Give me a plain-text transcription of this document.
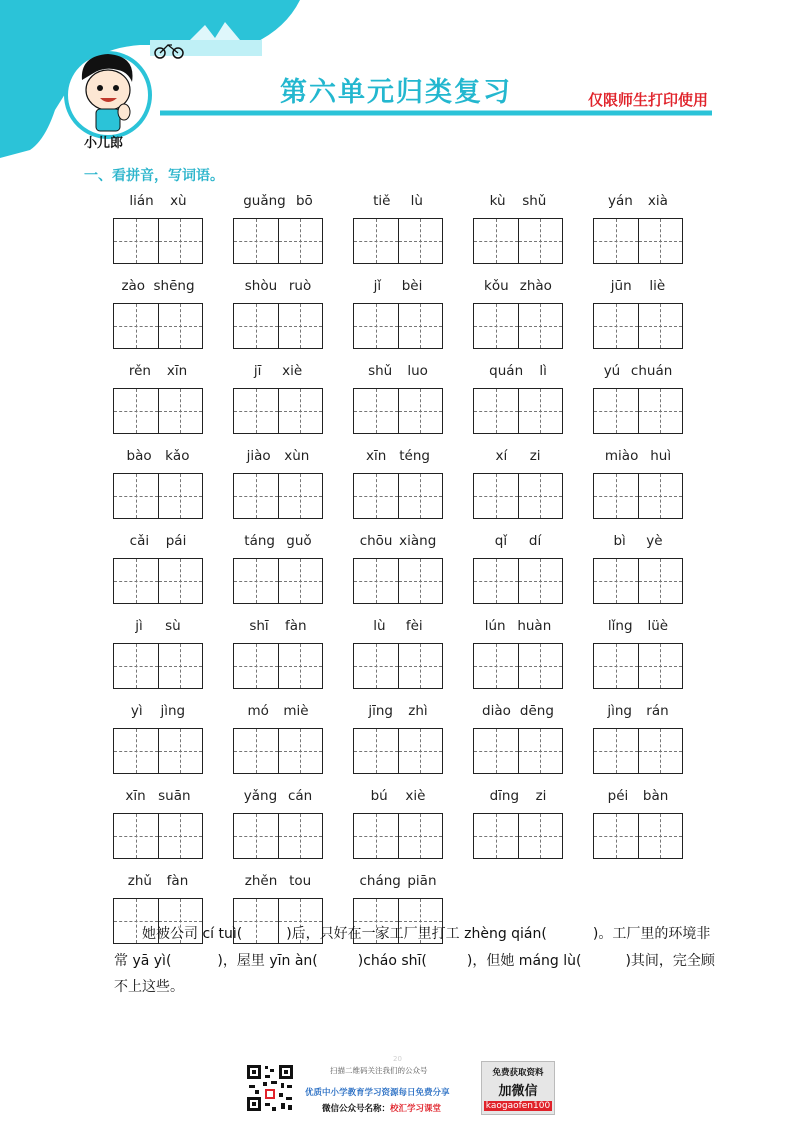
第六单元归类复习	仅限师生打印使用
小儿郎
一、看拼音，写词语。
lián xù	guǎng bō	tiě lù	kù shǔ	yán xià
zào shēng	shòu ruò	jǐ bèi	kǒu zhào	jūn liè
rěn xīn	jī xiè	shǔ luo	quán lì	yú chuán
bào kǎo	jiào xùn	xīn téng	xí zi	miào huì
cǎi pái	táng guǒ	chōu xiàng	qǐ dí	bì yè
jì sù	shī fàn	lù fèi	lún huàn	lǐng lüè
yì jìng	mó miè	jīng zhì	diào dēng	jìng rán
xīn suān	yǎng cán	bú xiè	dīng zi	péi bàn
zhǔ fàn	zhěn tou	cháng piān
她被公司 cí tuì(	)后，只好在一家工厂里打工 zhèng qián(	)。工厂里的环境非常 yā yì(	)，屋里 yīn àn(	)cháo shī(	)，但她 máng lù(	)其间，完全顾不上这些。
20
扫描二维码关注我们的公众号
优质中小学教育学习资源每日免费分享
微信公众号名称：校汇学习课堂
免费获取资料
加微信
kaogaofen100
